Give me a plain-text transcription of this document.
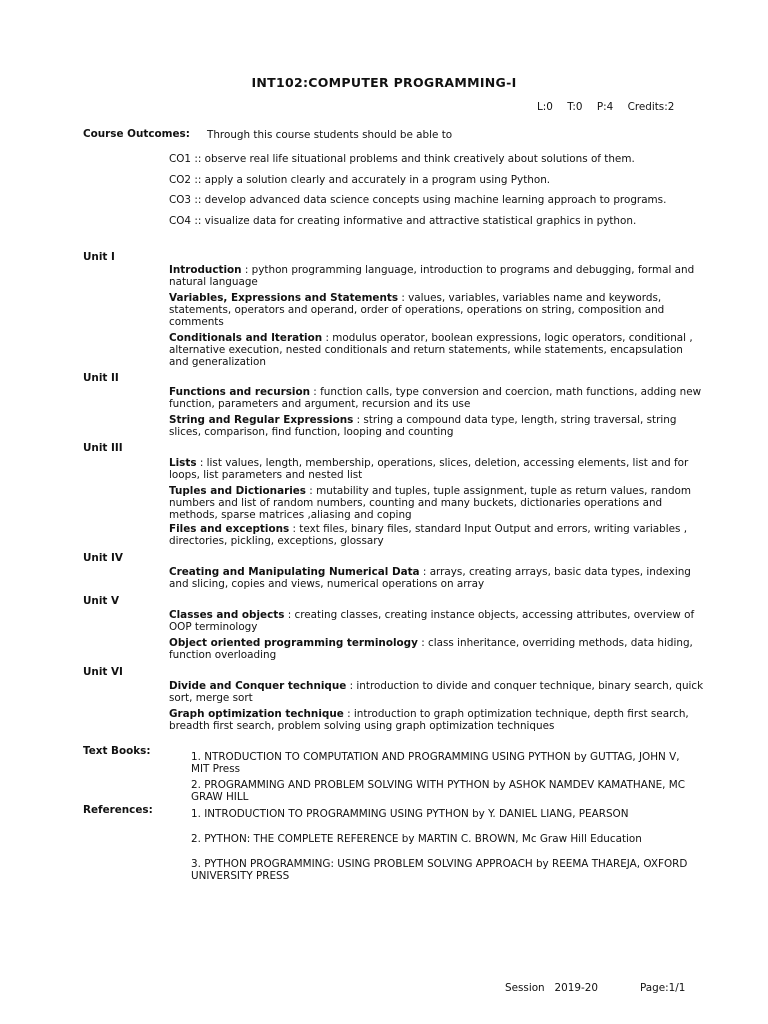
INT102:COMPUTER PROGRAMMING-I
L:0 T:0 P:4 Credits:2
Course Outcomes: Through this course students should be able to
CO1 :: observe real life situational problems and think creatively about solutions of them.
CO2 :: apply a solution clearly and accurately in a program using Python.
CO3 :: develop advanced data science concepts using machine learning approach to programs.
CO4 :: visualize data for creating informative and attractive statistical graphics in python.
Unit I
Introduction : python programming language, introduction to programs and debugging, formal and natural language
Variables, Expressions and Statements : values, variables, variables name and keywords, statements, operators and operand, order of operations, operations on string, composition and comments
Conditionals and Iteration : modulus operator, boolean expressions, logic operators, conditional , alternative execution, nested conditionals and return statements, while statements, encapsulation and generalization
Unit II
Functions and recursion : function calls, type conversion and coercion, math functions, adding new function, parameters and argument, recursion and its use
String and Regular Expressions : string a compound data type, length, string traversal, string slices, comparison, find function, looping and counting
Unit III
Lists : list values, length, membership, operations, slices, deletion, accessing elements, list and for loops, list parameters and nested list
Tuples and Dictionaries : mutability and tuples, tuple assignment, tuple as return values, random numbers and list of random numbers, counting and many buckets, dictionaries operations and methods, sparse matrices ,aliasing and coping
Files and exceptions : text files, binary files, standard Input Output and errors, writing variables , directories, pickling, exceptions, glossary
Unit IV
Creating and Manipulating Numerical Data : arrays, creating arrays, basic data types, indexing and slicing, copies and views, numerical operations on array
Unit V
Classes and objects : creating classes, creating instance objects, accessing attributes, overview of OOP terminology
Object oriented programming terminology : class inheritance, overriding methods, data hiding, function overloading
Unit VI
Divide and Conquer technique : introduction to divide and conquer technique, binary search, quick sort, merge sort
Graph optimization technique : introduction to graph optimization technique, depth first search, breadth first search, problem solving using graph optimization techniques
Text Books:	1. NTRODUCTION TO COMPUTATION AND PROGRAMMING USING PYTHON by GUTTAG, JOHN V, MIT Press
2. PROGRAMMING AND PROBLEM SOLVING WITH PYTHON by ASHOK NAMDEV KAMATHANE, MC GRAW HILL
References:	1. INTRODUCTION TO PROGRAMMING USING PYTHON by Y. DANIEL LIANG, PEARSON
2. PYTHON: THE COMPLETE REFERENCE by MARTIN C. BROWN, Mc Graw Hill Education
3. PYTHON PROGRAMMING: USING PROBLEM SOLVING APPROACH by REEMA THAREJA, OXFORD UNIVERSITY PRESS
Session   2019-20	Page:1/1
